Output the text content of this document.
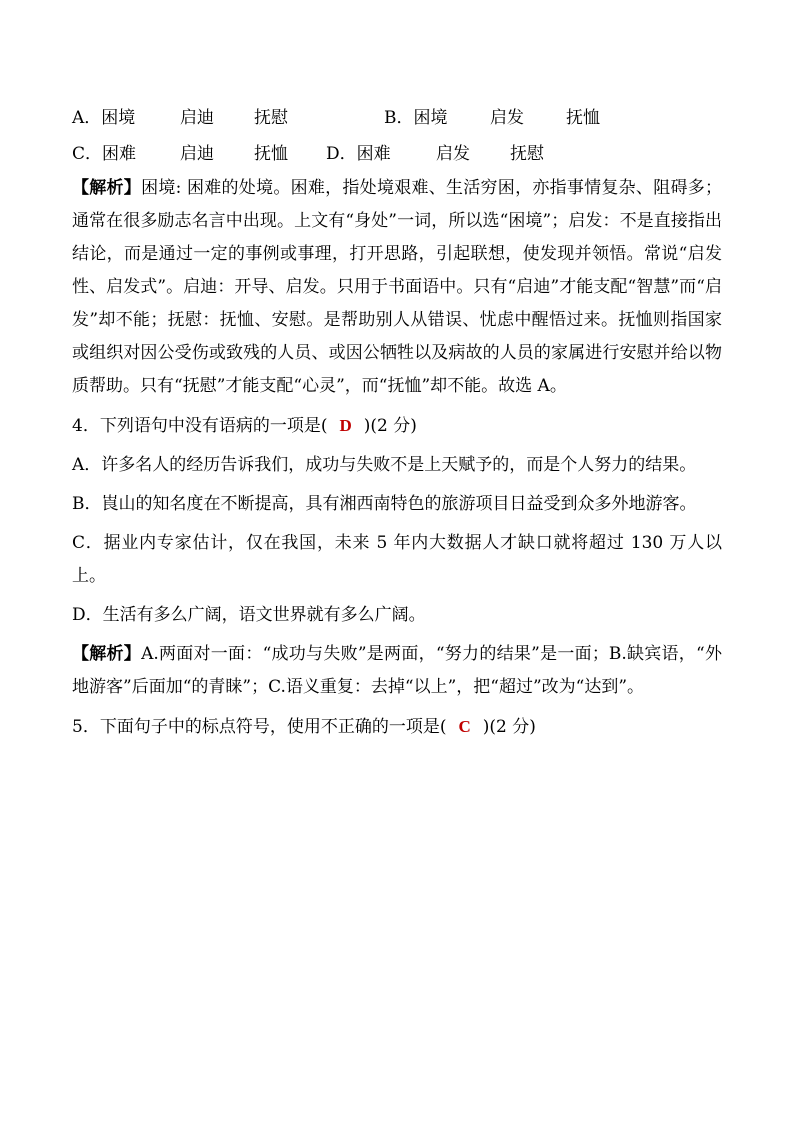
A．困境	启迪 抚慰	B．困境	启发 抚恤
C．困难	启迪 抚恤 D．困难	启发 抚慰

【解析】困境: 困难的处境。困难，指处境艰难、生活穷困，亦指事情复杂、阻碍多；通常在很多励志名言中出现。上文有“身处”一词，所以选“困境”；启发：不是直接指出结论，而是通过一定的事例或事理，打开思路，引起联想，使发现并领悟。常说“启发性、启发式”。启迪：开导、启发。只用于书面语中。只有“启迪”才能支配“智慧”而“启发”却不能；抚慰：抚恤、安慰。是帮助别人从错误、忧虑中醒悟过来。抚恤则指国家或组织对因公受伤或致残的人员、或因公牺牲以及病故的人员的家属进行安慰并给以物质帮助。只有“抚慰”才能支配“心灵”，而“抚恤”却不能。故选 A。

4．下列语句中没有语病的一项是( D )(2 分)

A．许多名人的经历告诉我们，成功与失败不是上天赋予的，而是个人努力的结果。

B．崀山的知名度在不断提高，具有湘西南特色的旅游项目日益受到众多外地游客。

C．据业内专家估计，仅在我国，未来 5 年内大数据人才缺口就将超过 130 万人以上。

D．生活有多么广阔，语文世界就有多么广阔。

【解析】A.两面对一面：“成功与失败”是两面，“努力的结果”是一面；B.缺宾语，“外地游客”后面加“的青睐”；C.语义重复：去掉“以上”，把“超过”改为“达到”。

5．下面句子中的标点符号，使用不正确的一项是( C )(2 分)
